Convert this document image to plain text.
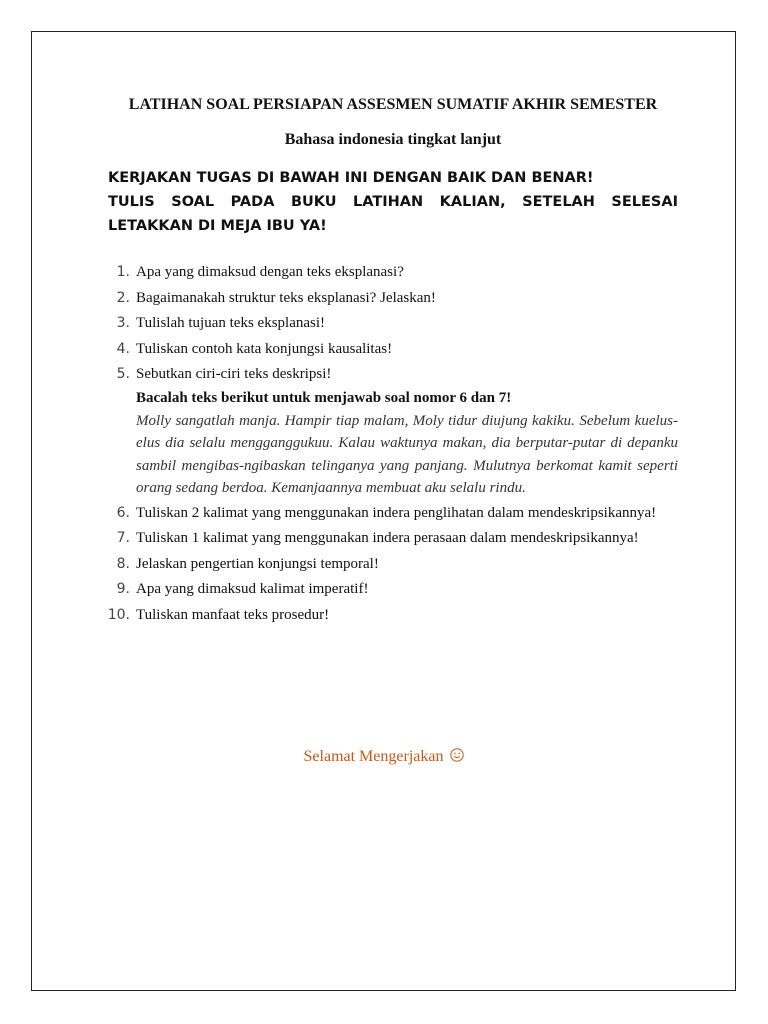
LATIHAN SOAL PERSIAPAN ASSESMEN SUMATIF AKHIR SEMESTER

Bahasa indonesia tingkat lanjut

KERJAKAN TUGAS DI BAWAH INI DENGAN BAIK DAN BENAR!
TULIS SOAL PADA BUKU LATIHAN KALIAN, SETELAH SELESAI
LETAKKAN DI MEJA IBU YA!
1. Apa yang dimaksud dengan teks eksplanasi?
2. Bagaimanakah struktur teks eksplanasi? Jelaskan!
3. Tulislah tujuan teks eksplanasi!
4. Tuliskan contoh kata konjungsi kausalitas!
5. Sebutkan ciri-ciri teks deskripsi!

Bacalah teks berikut untuk menjawab soal nomor 6 dan 7!

Molly sangatlah manja. Hampir tiap malam, Moly tidur diujung kakiku. Sebelum kuelus-elus dia selalu mengganggukuu. Kalau waktunya makan, dia berputar-putar di depanku sambil mengibas-ngibaskan telinganya yang panjang. Mulutnya berkomat kamit seperti orang sedang berdoa. Kemanjaannya membuat aku selalu rindu.

6. Tuliskan 2 kalimat yang menggunakan indera penglihatan dalam mendeskripsikannya!
7. Tuliskan 1 kalimat yang menggunakan indera perasaan dalam mendeskripsikannya!
8. Jelaskan pengertian konjungsi temporal!
9. Apa yang dimaksud kalimat imperatif!
10. Tuliskan manfaat teks prosedur!
Selamat Mengerjakan
